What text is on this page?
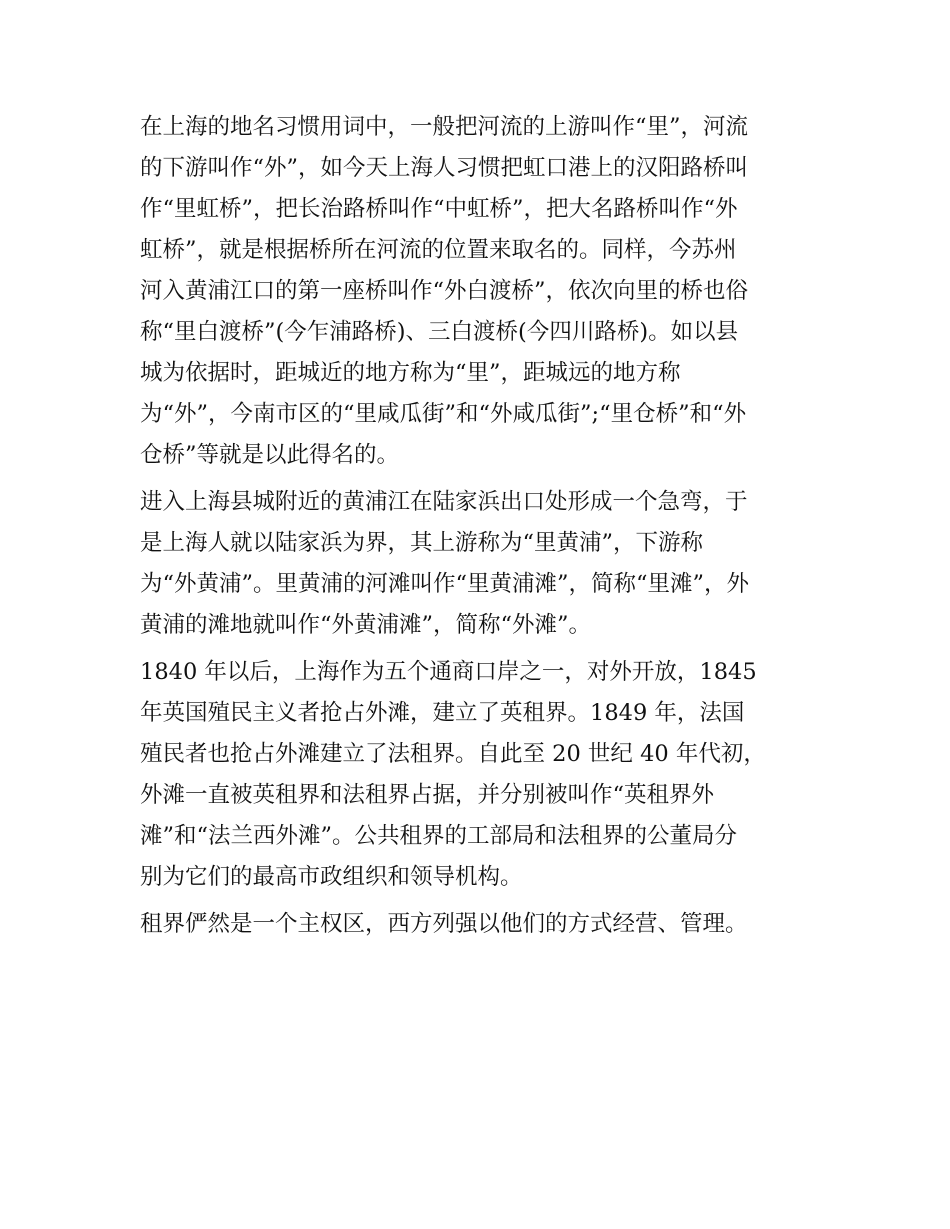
在上海的地名习惯用词中，一般把河流的上游叫作“里”，河流
的下游叫作“外”，如今天上海人习惯把虹口港上的汉阳路桥叫
作“里虹桥”，把长治路桥叫作“中虹桥”，把大名路桥叫作“外
虹桥”，就是根据桥所在河流的位置来取名的。同样，今苏州
河入黄浦江口的第一座桥叫作“外白渡桥”，依次向里的桥也俗
称“里白渡桥”(今乍浦路桥)、三白渡桥(今四川路桥)。如以县
城为依据时，距城近的地方称为“里”，距城远的地方称
为“外”，今南市区的“里咸瓜街”和“外咸瓜街”;“里仓桥”和“外
仓桥”等就是以此得名的。

进入上海县城附近的黄浦江在陆家浜出口处形成一个急弯，于
是上海人就以陆家浜为界，其上游称为“里黄浦”，下游称
为“外黄浦”。里黄浦的河滩叫作“里黄浦滩”，简称“里滩”，外
黄浦的滩地就叫作“外黄浦滩”，简称“外滩”。

1840 年以后，上海作为五个通商口岸之一，对外开放，1845
年英国殖民主义者抢占外滩，建立了英租界。1849 年，法国
殖民者也抢占外滩建立了法租界。自此至 20 世纪 40 年代初，
外滩一直被英租界和法租界占据，并分别被叫作“英租界外
滩”和“法兰西外滩”。公共租界的工部局和法租界的公董局分
别为它们的最高市政组织和领导机构。

租界俨然是一个主权区，西方列强以他们的方式经营、管理。
